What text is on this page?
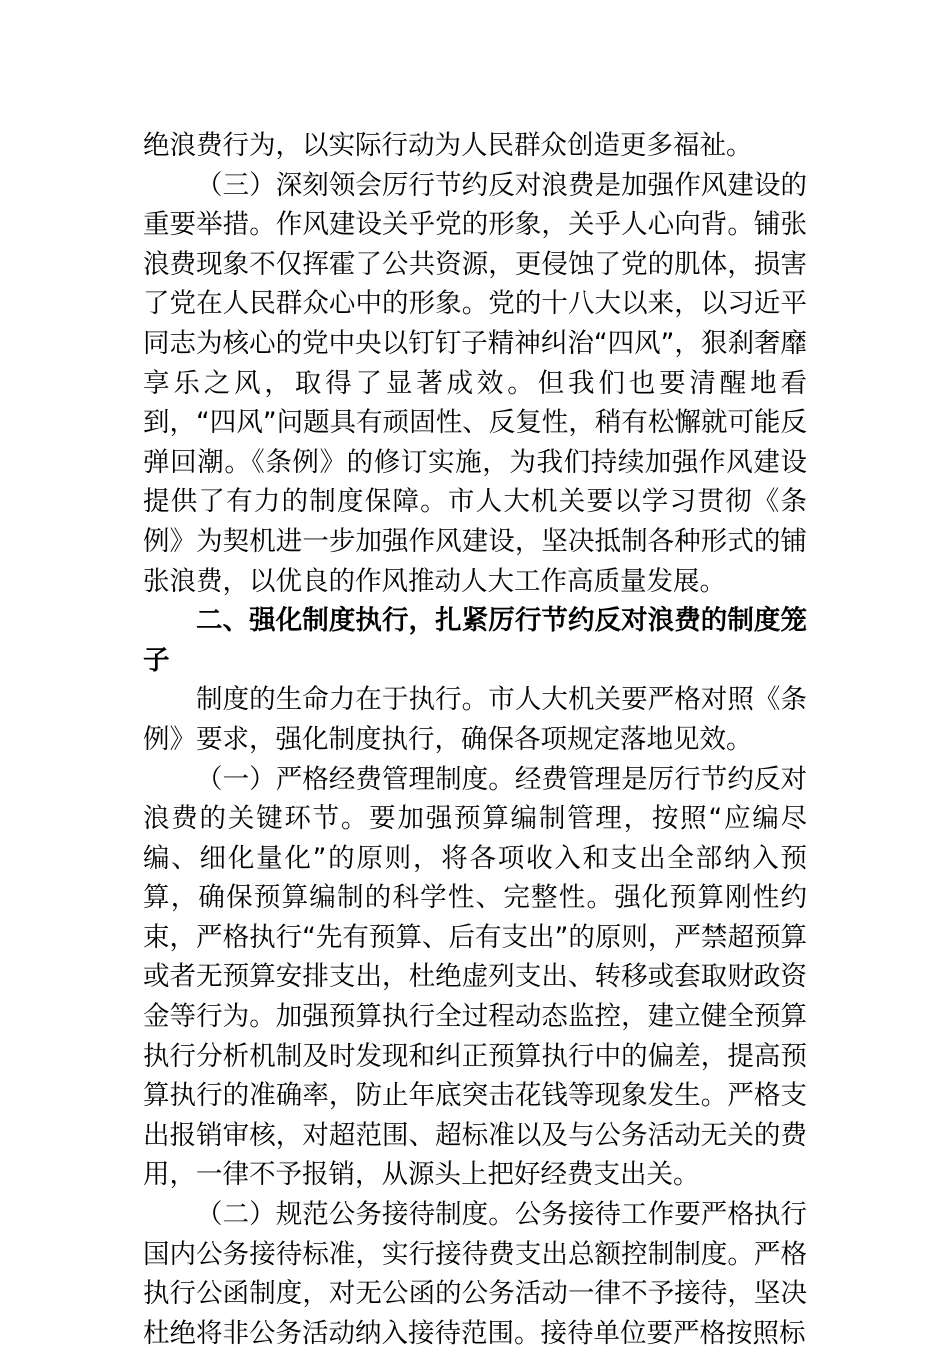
绝浪费行为，以实际行动为人民群众创造更多福祉。

（三）深刻领会厉行节约反对浪费是加强作风建设的重要举措。作风建设关乎党的形象，关乎人心向背。铺张浪费现象不仅挥霍了公共资源，更侵蚀了党的肌体，损害了党在人民群众心中的形象。党的十八大以来，以习近平同志为核心的党中央以钉钉子精神纠治“四风”，狠刹奢靡享乐之风，取得了显著成效。但我们也要清醒地看到，“四风”问题具有顽固性、反复性，稍有松懈就可能反弹回潮。《条例》的修订实施，为我们持续加强作风建设提供了有力的制度保障。市人大机关要以学习贯彻《条例》为契机进一步加强作风建设，坚决抵制各种形式的铺张浪费，以优良的作风推动人大工作高质量发展。

二、强化制度执行，扎紧厉行节约反对浪费的制度笼子

制度的生命力在于执行。市人大机关要严格对照《条例》要求，强化制度执行，确保各项规定落地见效。

（一）严格经费管理制度。经费管理是厉行节约反对浪费的关键环节。要加强预算编制管理，按照“应编尽编、细化量化”的原则，将各项收入和支出全部纳入预算，确保预算编制的科学性、完整性。强化预算刚性约束，严格执行“先有预算、后有支出”的原则，严禁超预算或者无预算安排支出，杜绝虚列支出、转移或套取财政资金等行为。加强预算执行全过程动态监控，建立健全预算执行分析机制及时发现和纠正预算执行中的偏差，提高预算执行的准确率，防止年底突击花钱等现象发生。严格支出报销审核，对超范围、超标准以及与公务活动无关的费用，一律不予报销，从源头上把好经费支出关。

（二）规范公务接待制度。公务接待工作要严格执行国内公务接待标准，实行接待费支出总额控制制度。严格执行公函制度，对无公函的公务活动一律不予接待，坚决杜绝将非公务活动纳入接待范围。接待单位要严格按照标
